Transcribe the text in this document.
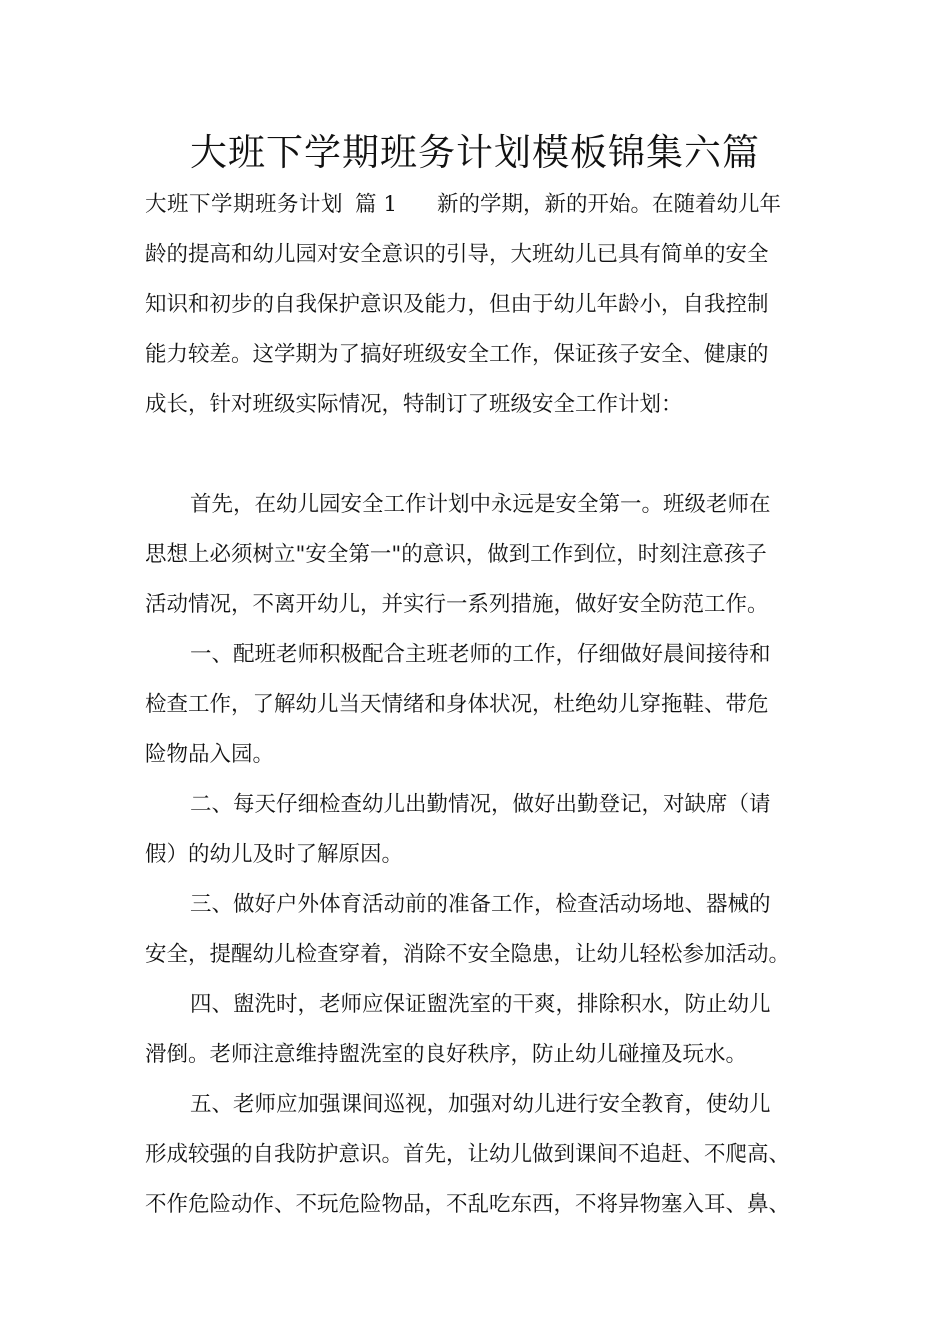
大班下学期班务计划模板锦集六篇
大班下学期班务计划 篇 1 新的学期，新的开始。在随着幼儿年
龄的提高和幼儿园对安全意识的引导，大班幼儿已具有简单的安全
知识和初步的自我保护意识及能力，但由于幼儿年龄小，自我控制
能力较差。这学期为了搞好班级安全工作，保证孩子安全、健康的
成长，针对班级实际情况，特制订了班级安全工作计划：
首先，在幼儿园安全工作计划中永远是安全第一。班级老师在
思想上必须树立"安全第一"的意识，做到工作到位，时刻注意孩子
活动情况，不离开幼儿，并实行一系列措施，做好安全防范工作。
一、配班老师积极配合主班老师的工作，仔细做好晨间接待和
检查工作，了解幼儿当天情绪和身体状况，杜绝幼儿穿拖鞋、带危
险物品入园。
二、每天仔细检查幼儿出勤情况，做好出勤登记，对缺席（请
假）的幼儿及时了解原因。
三、做好户外体育活动前的准备工作，检查活动场地、器械的
安全，提醒幼儿检查穿着，消除不安全隐患，让幼儿轻松参加活动。
四、盥洗时，老师应保证盥洗室的干爽，排除积水，防止幼儿
滑倒。老师注意维持盥洗室的良好秩序，防止幼儿碰撞及玩水。
五、老师应加强课间巡视，加强对幼儿进行安全教育，使幼儿
形成较强的自我防护意识。首先，让幼儿做到课间不追赶、不爬高、
不作危险动作、不玩危险物品，不乱吃东西，不将异物塞入耳、鼻、
